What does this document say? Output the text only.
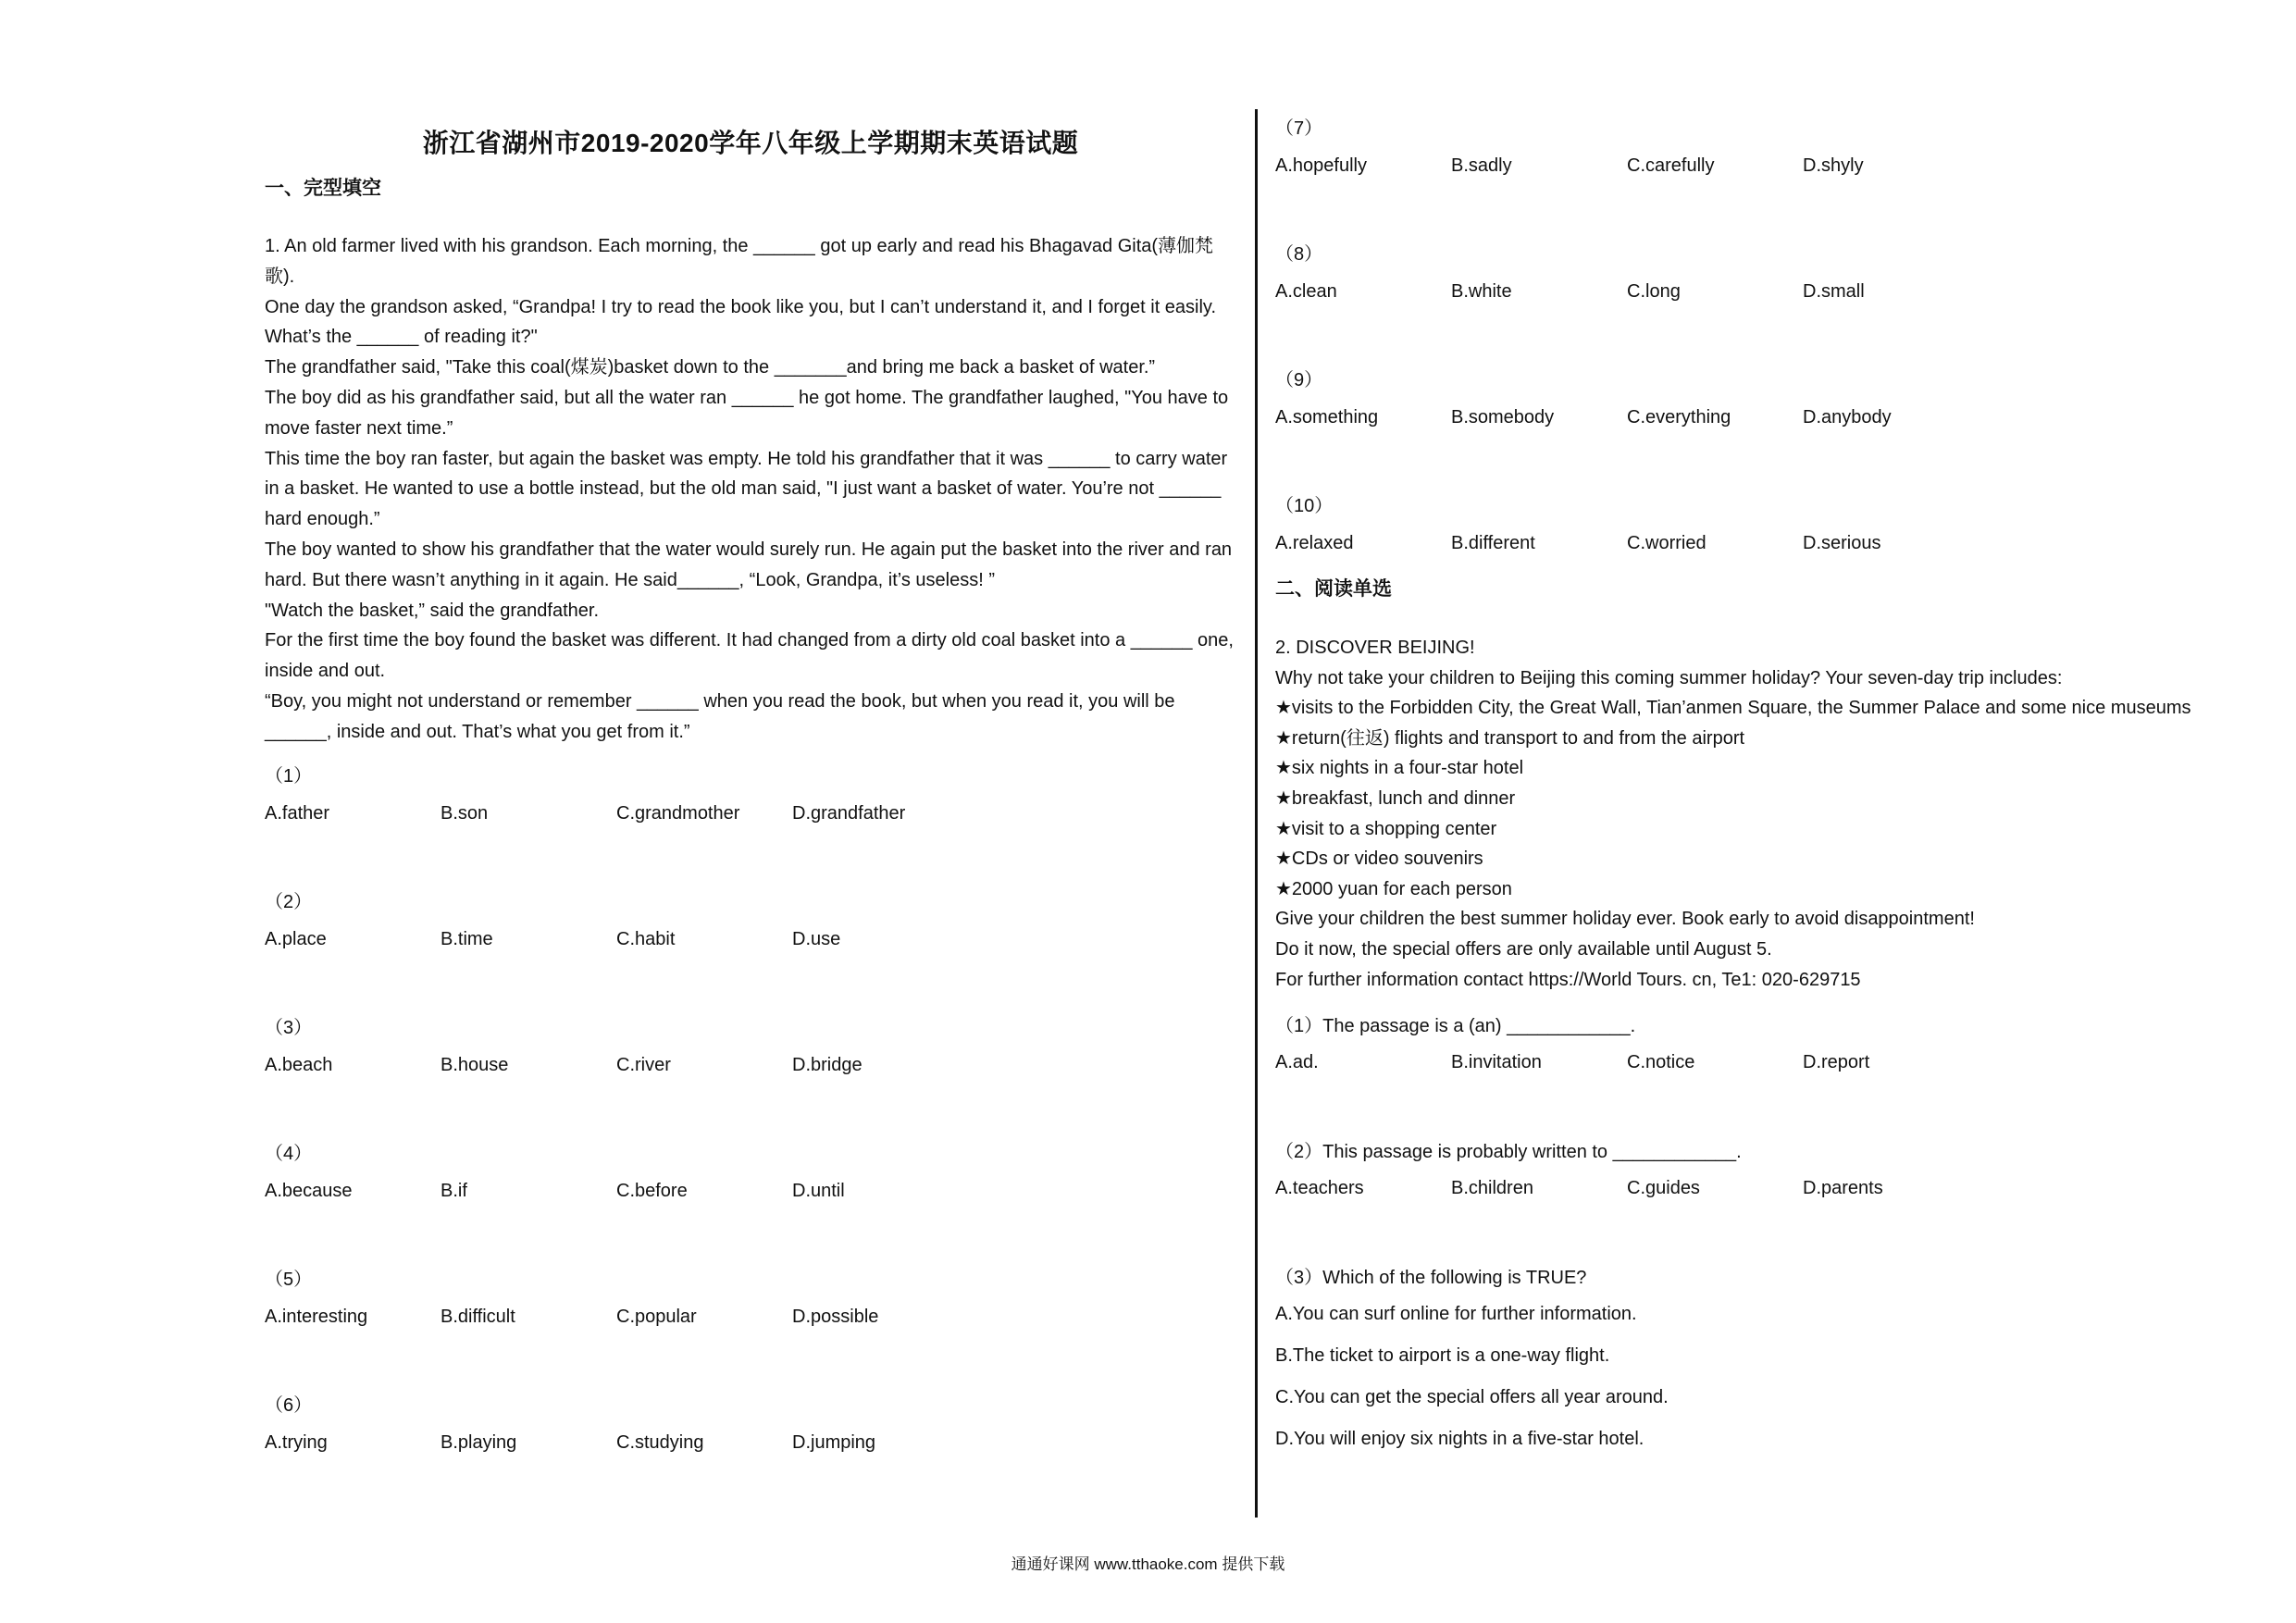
浙江省湖州市2019-2020学年八年级上学期期末英语试题
一、完型填空

1. An old farmer lived with his grandson. Each morning, the ______ got up early and read his Bhagavad Gita(薄伽梵歌).

One day the grandson asked, “Grandpa! I try to read the book like you, but I can’t understand it, and I forget it easily. What’s the ______ of reading it?"

The grandfather said, "Take this coal(煤炭)basket down to the _______and bring me back a basket of water.”

The boy did as his grandfather said, but all the water ran ______ he got home. The grandfather laughed, "You have to move faster next time.”

This time the boy ran faster, but again the basket was empty. He told his grandfather that it was ______ to carry water in a basket. He wanted to use a bottle instead, but the old man said, "I just want a basket of water. You’re not ______ hard enough.”

The boy wanted to show his grandfather that the water would surely run. He again put the basket into the river and ran hard. But there wasn’t anything in it again. He said______, “Look, Grandpa, it’s useless! ”

"Watch the basket,” said the grandfather.

For the first time the boy found the basket was different. It had changed from a dirty old coal basket into a ______ one, inside and out.

“Boy, you might not understand or remember ______ when you read the book, but when you read it, you will be ______, inside and out. That’s what you get from it.”

（1）
A.father	B.son	C.grandmother	D.grandfather
（2）
A.place	B.time	C.habit	D.use
（3）
A.beach	B.house	C.river	D.bridge
（4）
A.because	B.if	C.before	D.until
（5）
A.interesting	B.difficult	C.popular	D.possible
（6）
A.trying	B.playing	C.studying	D.jumping
（7）
A.hopefully	B.sadly	C.carefully	D.shyly
（8）
A.clean	B.white	C.long	D.small
（9）
A.something	B.somebody	C.everything	D.anybody
（10）
A.relaxed	B.different	C.worried	D.serious
二、阅读单选

2. DISCOVER BEIJING!

Why not take your children to Beijing this coming summer holiday? Your seven-day trip includes:

★visits to the Forbidden City, the Great Wall, Tian’anmen Square, the Summer Palace and some nice museums

★return(往返) flights and transport to and from the airport

★six nights in a four-star hotel

★breakfast, lunch and dinner

★visit to a shopping center

★CDs or video souvenirs

★2000 yuan for each person

Give your children the best summer holiday ever. Book early to avoid disappointment!

Do it now, the special offers are only available until August 5.

For further information contact https://World Tours. cn, Te1: 020-629715

（1）The passage is a (an) ____________.
A.ad.	B.invitation	C.notice	D.report
（2）This passage is probably written to ____________.
A.teachers	B.children	C.guides	D.parents
（3）Which of the following is TRUE?
A.You can surf online for further information.
B.The ticket to airport is a one-way flight.
C.You can get the special offers all year around.
D.You will enjoy six nights in a five-star hotel.
通通好课网 www.tthaoke.com 提供下载
